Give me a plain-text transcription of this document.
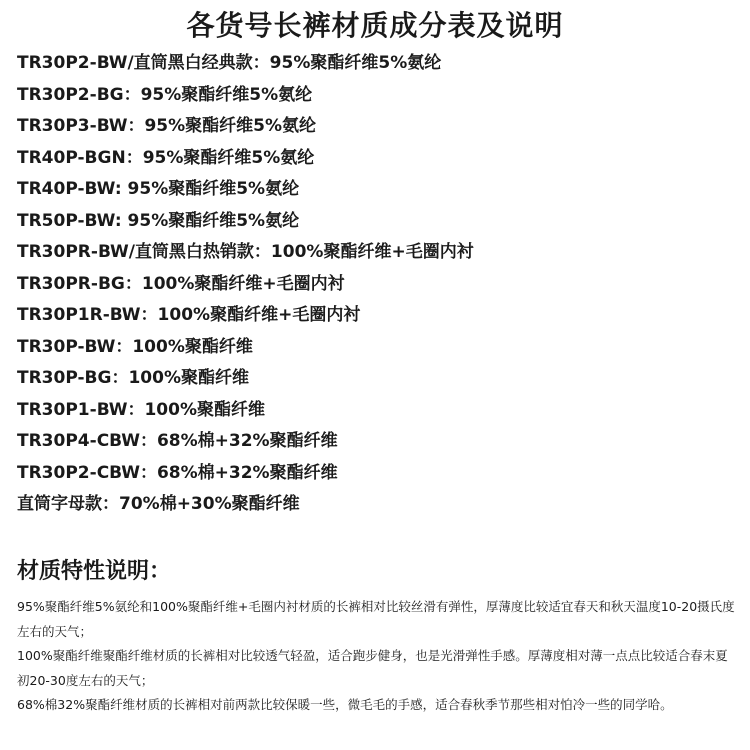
各货号长裤材质成分表及说明
TR30P2-BW/直筒黑白经典款：95%聚酯纤维5%氨纶
TR30P2-BG：95%聚酯纤维5%氨纶
TR30P3-BW：95%聚酯纤维5%氨纶
TR40P-BGN：95%聚酯纤维5%氨纶
TR40P-BW: 95%聚酯纤维5%氨纶
TR50P-BW: 95%聚酯纤维5%氨纶
TR30PR-BW/直筒黑白热销款：100%聚酯纤维+毛圈内衬
TR30PR-BG：100%聚酯纤维+毛圈内衬
TR30P1R-BW：100%聚酯纤维+毛圈内衬
TR30P-BW：100%聚酯纤维
TR30P-BG：100%聚酯纤维
TR30P1-BW：100%聚酯纤维
TR30P4-CBW：68%棉+32%聚酯纤维
TR30P2-CBW：68%棉+32%聚酯纤维
直筒字母款：70%棉+30%聚酯纤维
材质特性说明：

95%聚酯纤维5%氨纶和100%聚酯纤维+毛圈内衬材质的长裤相对比较丝滑有弹性，厚薄度比较适宜春天和秋天温度10-20摄氏度左右的天气；

100%聚酯纤维聚酯纤维材质的长裤相对比较透气轻盈，适合跑步健身，也是光滑弹性手感。厚薄度相对薄一点点比较适合春末夏初20-30度左右的天气；

68%棉32%聚酯纤维材质的长裤相对前两款比较保暖一些，微毛毛的手感，适合春秋季节那些相对怕冷一些的同学哈。
